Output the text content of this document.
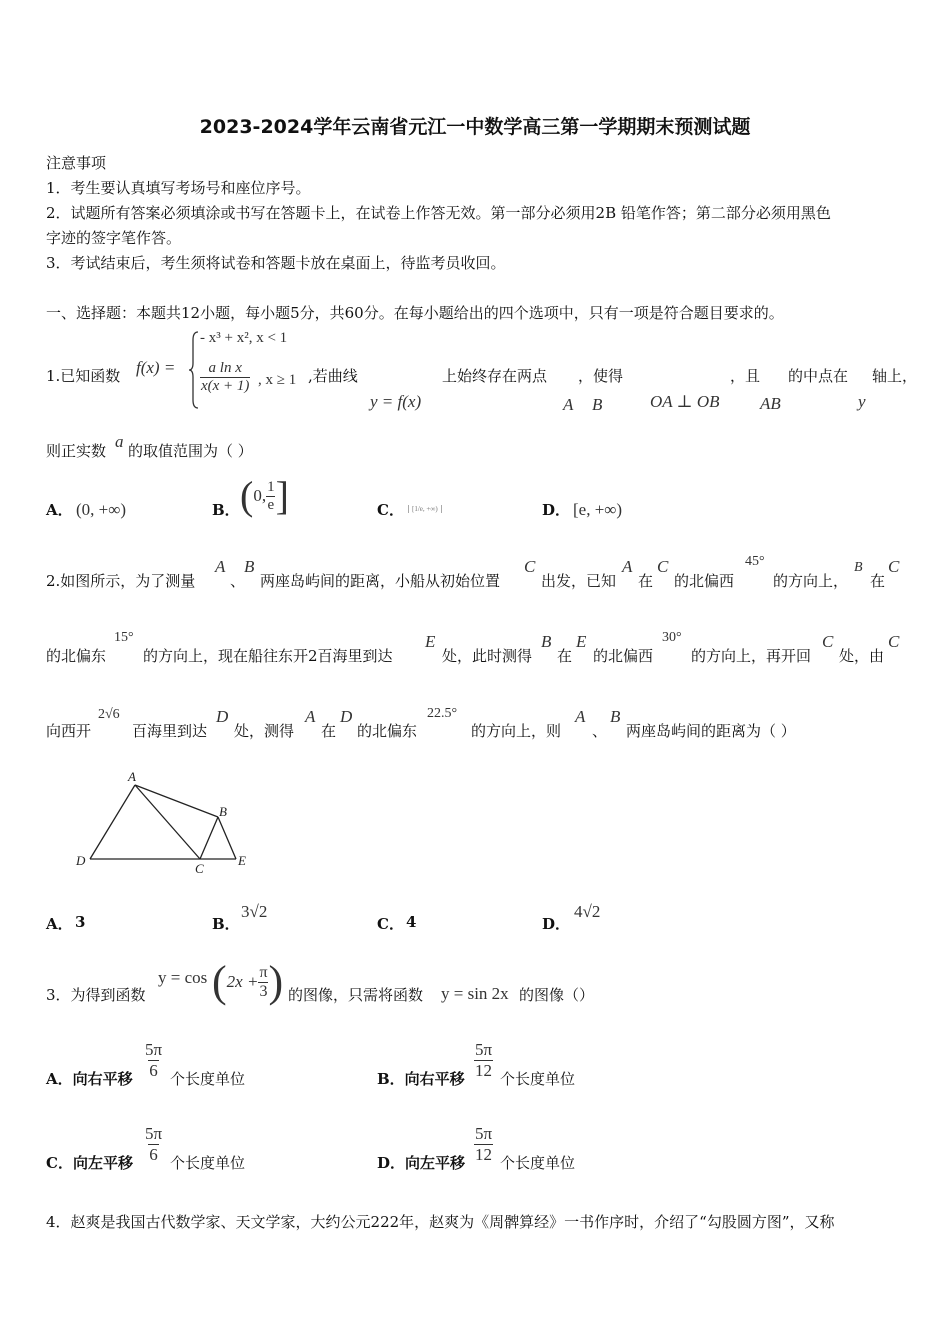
2023-2024学年云南省元江一中数学高三第一学期期末预测试题
注意事项
1．考生要认真填写考场号和座位序号。
2．试题所有答案必须填涂或书写在答题卡上，在试卷上作答无效。第一部分必须用2B 铅笔作答；第二部分必须用黑色
字迹的签字笔作答。
3．考试结束后，考生须将试卷和答题卡放在桌面上，待监考员收回。
一、选择题：本题共12小题，每小题5分，共60分。在每小题给出的四个选项中，只有一项是符合题目要求的。
1.已知函数 f(x) =
- x³ + x², x < 1
$\frac{\text{a ln x}}{x(x + 1)}$ , x ≥ 1 ,若曲线
y = f(x)
上始终存在两点
A B
，使得
OA ⊥ OB
，且
AB
的中点在
y
轴上，
则正实数 a 的取值范围为（ ）
A． (0, +∞)	B． (0, $\frac{1}{e}$ ]	C．	[1/e, +∞)	D． [e, +∞)
2.如图所示，为了测量
A
、
B
两座岛屿间的距离，小船从初始位置
C
出发，已知
A
在
C
的北偏西
45°
的方向上，
B
在
C
的北偏东
15°
的方向上，现在船往东开2百海里到达
E
处，此时测得
B
在
E
的北偏西
30°
的方向上，再开回
C
处，由
C
向西开
2√6
百海里到达
D
处，测得
A
在
D
的北偏东
22.5°
的方向上，则
A
、
B
两座岛屿间的距离为（ ）
A
B
C
D	E
A． 3	B．
3√2
C． 4	D．
4√2
3．为得到函数
$y = \cos (2x + \frac{\pi}{3}$ ) 的图像，只需将函数 y = sin 2x 的图像（）
A．向右平移 $\frac{5\pi}{6}$ 个长度单位	B．向右平移 $\frac{5\pi}{12}$ 个长度单位
C．向左平移 $\frac{5\pi}{6}$ 个长度单位	D．向左平移 $\frac{5\pi}{12}$ 个长度单位
4．赵爽是我国古代数学家、天文学家，大约公元222年，赵爽为《周髀算经》一书作序时，介绍了“勾股圆方图”，又称
